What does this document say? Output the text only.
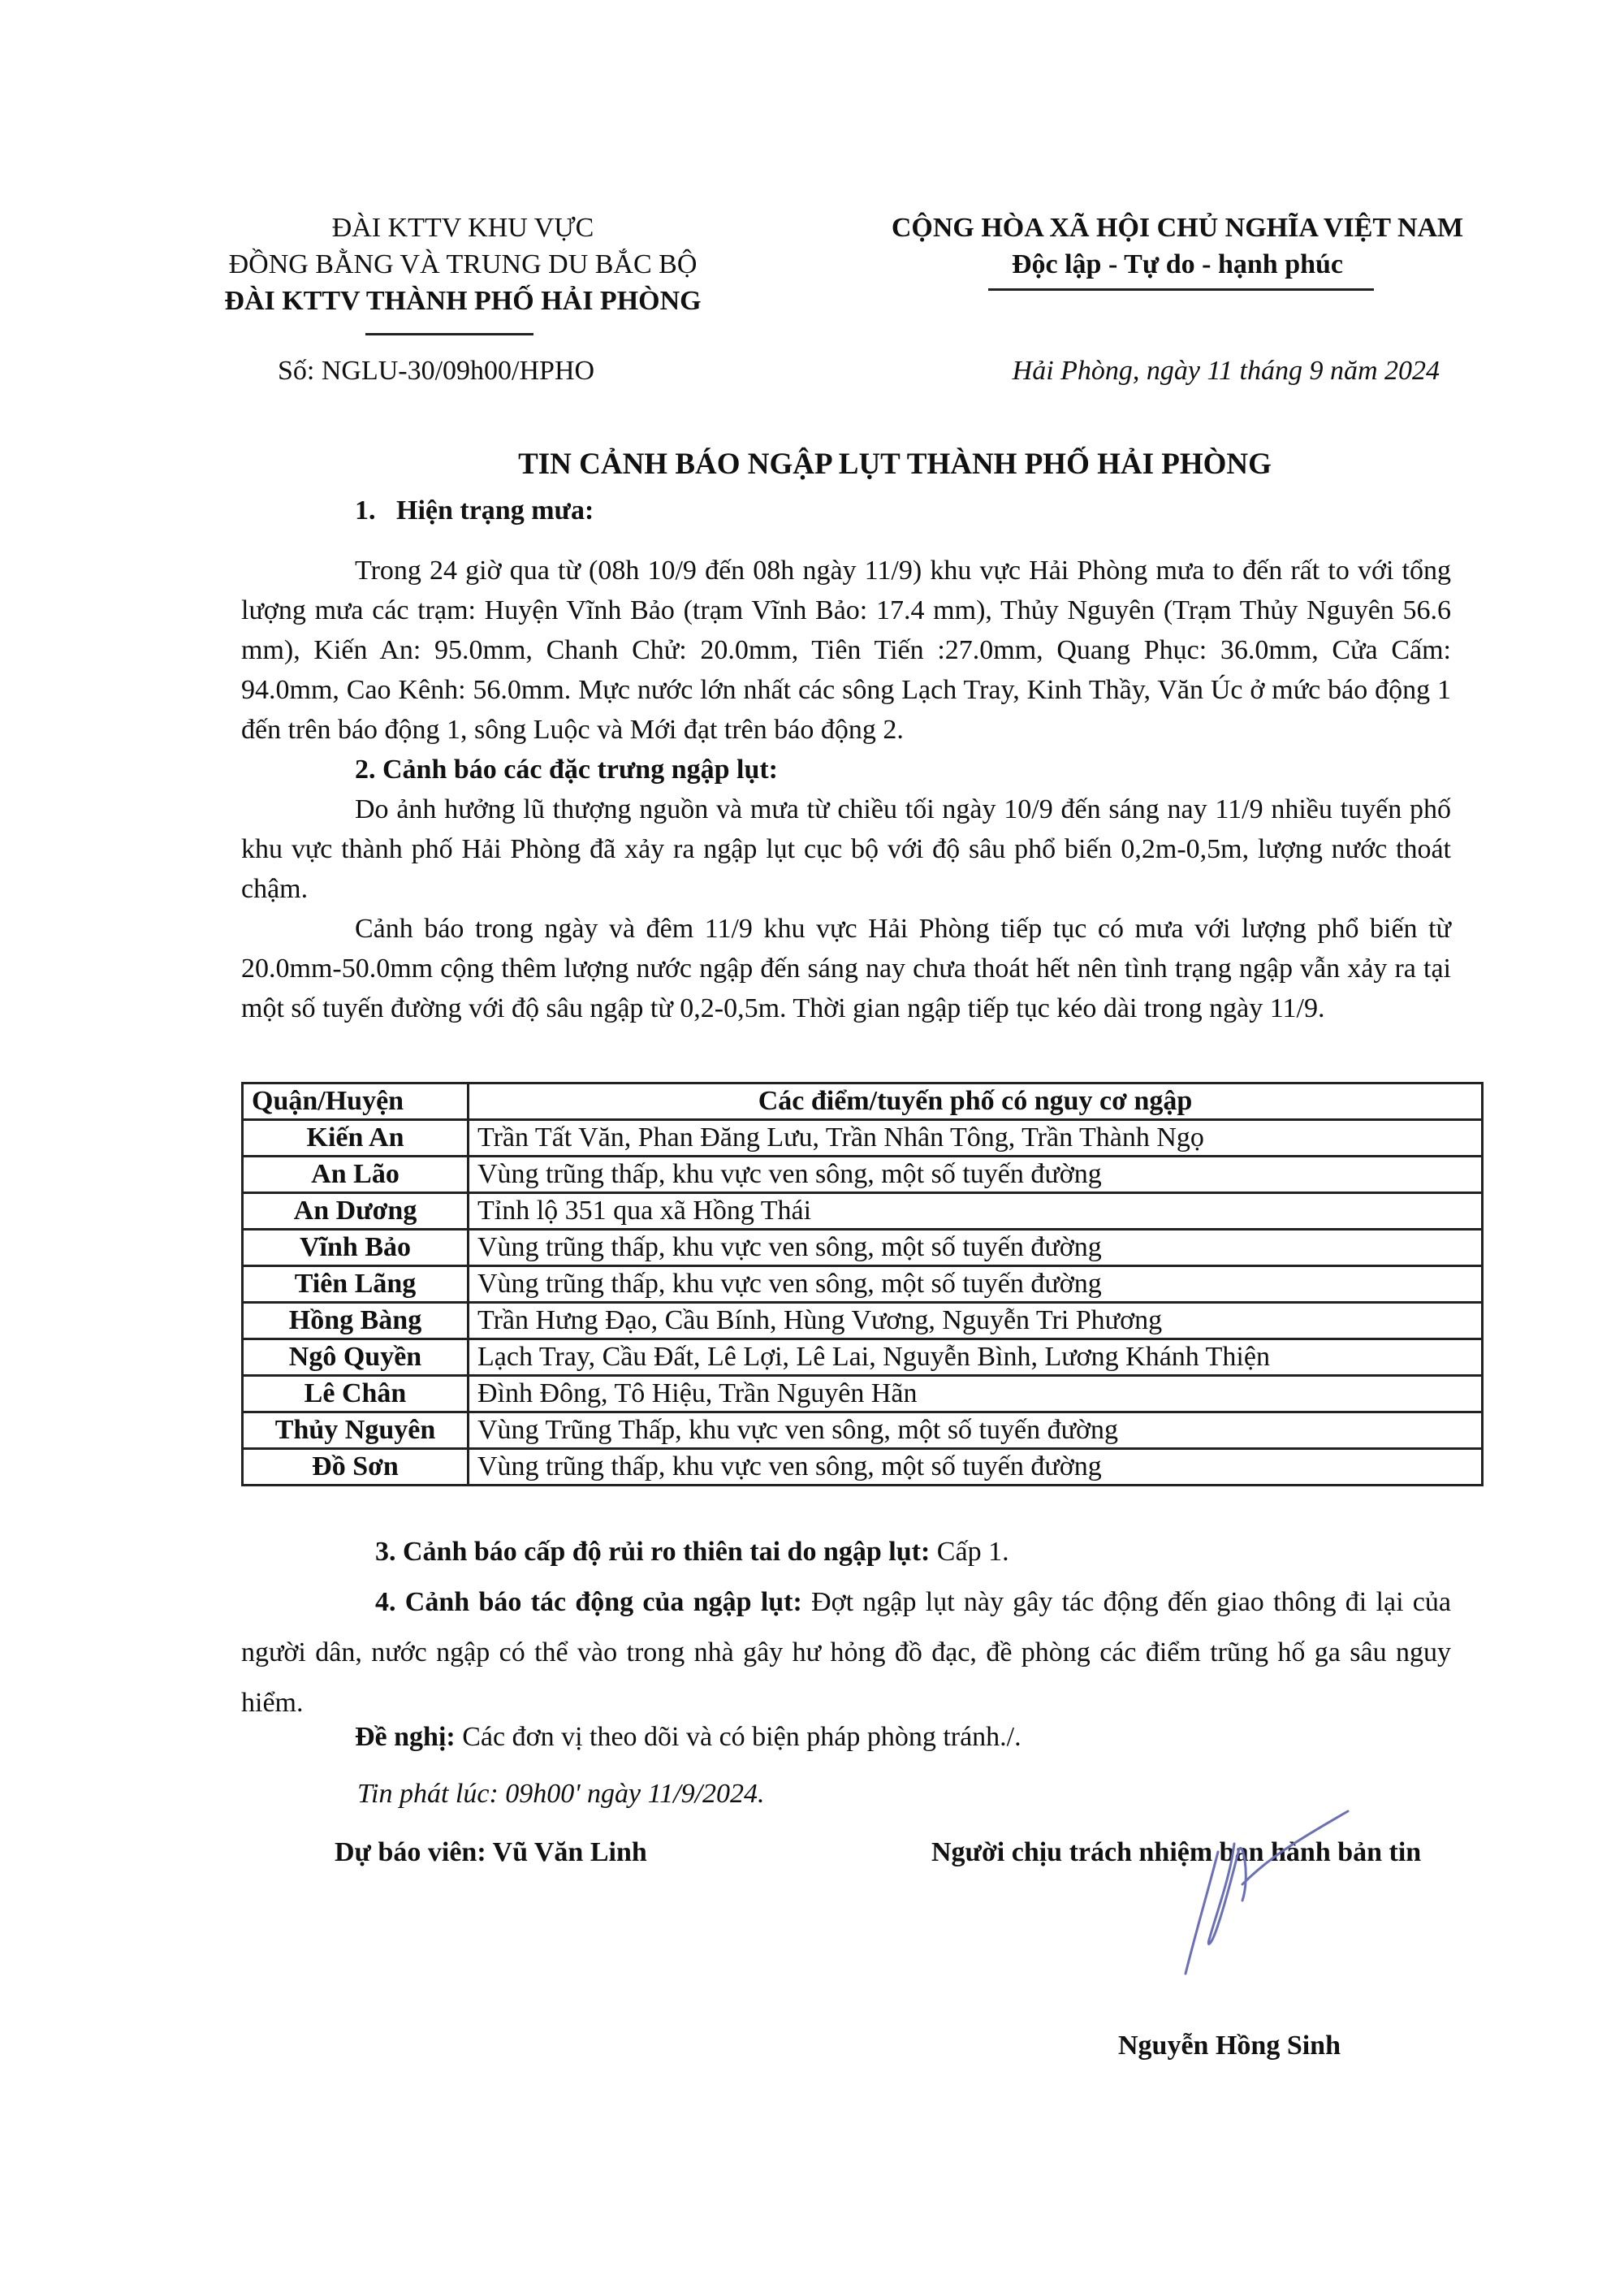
ĐÀI KTTV KHU VỰC
ĐỒNG BẰNG VÀ TRUNG DU BẮC BỘ
ĐÀI KTTV THÀNH PHỐ HẢI PHÒNG
CỘNG HÒA XÃ HỘI CHỦ NGHĨA VIỆT NAM
Độc lập - Tự do - hạnh phúc
Số: NGLU-30/09h00/HPHO	Hải Phòng, ngày 11 tháng 9 năm 2024
TIN CẢNH BÁO NGẬP LỤT THÀNH PHỐ HẢI PHÒNG
1.   Hiện trạng mưa:

Trong 24 giờ qua từ (08h 10/9 đến 08h ngày 11/9) khu vực Hải Phòng mưa to đến rất to với tổng lượng mưa các trạm: Huyện Vĩnh Bảo (trạm Vĩnh Bảo: 17.4 mm), Thủy Nguyên (Trạm Thủy Nguyên 56.6 mm), Kiến An: 95.0mm, Chanh Chử: 20.0mm, Tiên Tiến :27.0mm, Quang Phục: 36.0mm, Cửa Cấm: 94.0mm, Cao Kênh: 56.0mm. Mực nước lớn nhất các sông Lạch Tray, Kinh Thầy, Văn Úc ở mức báo động 1 đến trên báo động 1, sông Luộc và Mới đạt trên báo động 2.

2. Cảnh báo các đặc trưng ngập lụt:

Do ảnh hưởng lũ thượng nguồn và mưa từ chiều tối ngày 10/9 đến sáng nay 11/9 nhiều tuyến phố khu vực thành phố Hải Phòng đã xảy ra ngập lụt cục bộ với độ sâu phổ biến 0,2m-0,5m, lượng nước thoát chậm.

Cảnh báo trong ngày và đêm 11/9 khu vực Hải Phòng tiếp tục có mưa với lượng phổ biến từ 20.0mm-50.0mm cộng thêm lượng nước ngập đến sáng nay chưa thoát hết nên tình trạng ngập vẫn xảy ra tại một số tuyến đường với độ sâu ngập từ 0,2-0,5m. Thời gian ngập tiếp tục kéo dài trong ngày 11/9.

Quận/Huyện	Các điểm/tuyến phố có nguy cơ ngập
Kiến An	Trần Tất Văn, Phan Đăng Lưu, Trần Nhân Tông, Trần Thành Ngọ
An Lão	Vùng trũng thấp, khu vực ven sông, một số tuyến đường
An Dương	Tỉnh lộ 351 qua xã Hồng Thái
Vĩnh Bảo	Vùng trũng thấp, khu vực ven sông, một số tuyến đường
Tiên Lãng	Vùng trũng thấp, khu vực ven sông, một số tuyến đường
Hồng Bàng	Trần Hưng Đạo, Cầu Bính, Hùng Vương, Nguyễn Tri Phương
Ngô Quyền	Lạch Tray, Cầu Đất, Lê Lợi, Lê Lai, Nguyễn Bình, Lương Khánh Thiện
Lê Chân	Đình Đông, Tô Hiệu, Trần Nguyên Hãn
Thủy Nguyên	Vùng Trũng Thấp, khu vực ven sông, một số tuyến đường
Đồ Sơn	Vùng trũng thấp, khu vực ven sông, một số tuyến đường

3. Cảnh báo cấp độ rủi ro thiên tai do ngập lụt: Cấp 1.

4. Cảnh báo tác động của ngập lụt: Đợt ngập lụt này gây tác động đến giao thông đi lại của người dân, nước ngập có thể vào trong nhà gây hư hỏng đồ đạc, đề phòng các điểm trũng hố ga sâu nguy hiểm.

Đề nghị: Các đơn vị theo dõi và có biện pháp phòng tránh./.
Tin phát lúc: 09h00' ngày 11/9/2024.
Dự báo viên: Vũ Văn Linh	Người chịu trách nhiệm ban hành bản tin
Nguyễn Hồng Sinh
